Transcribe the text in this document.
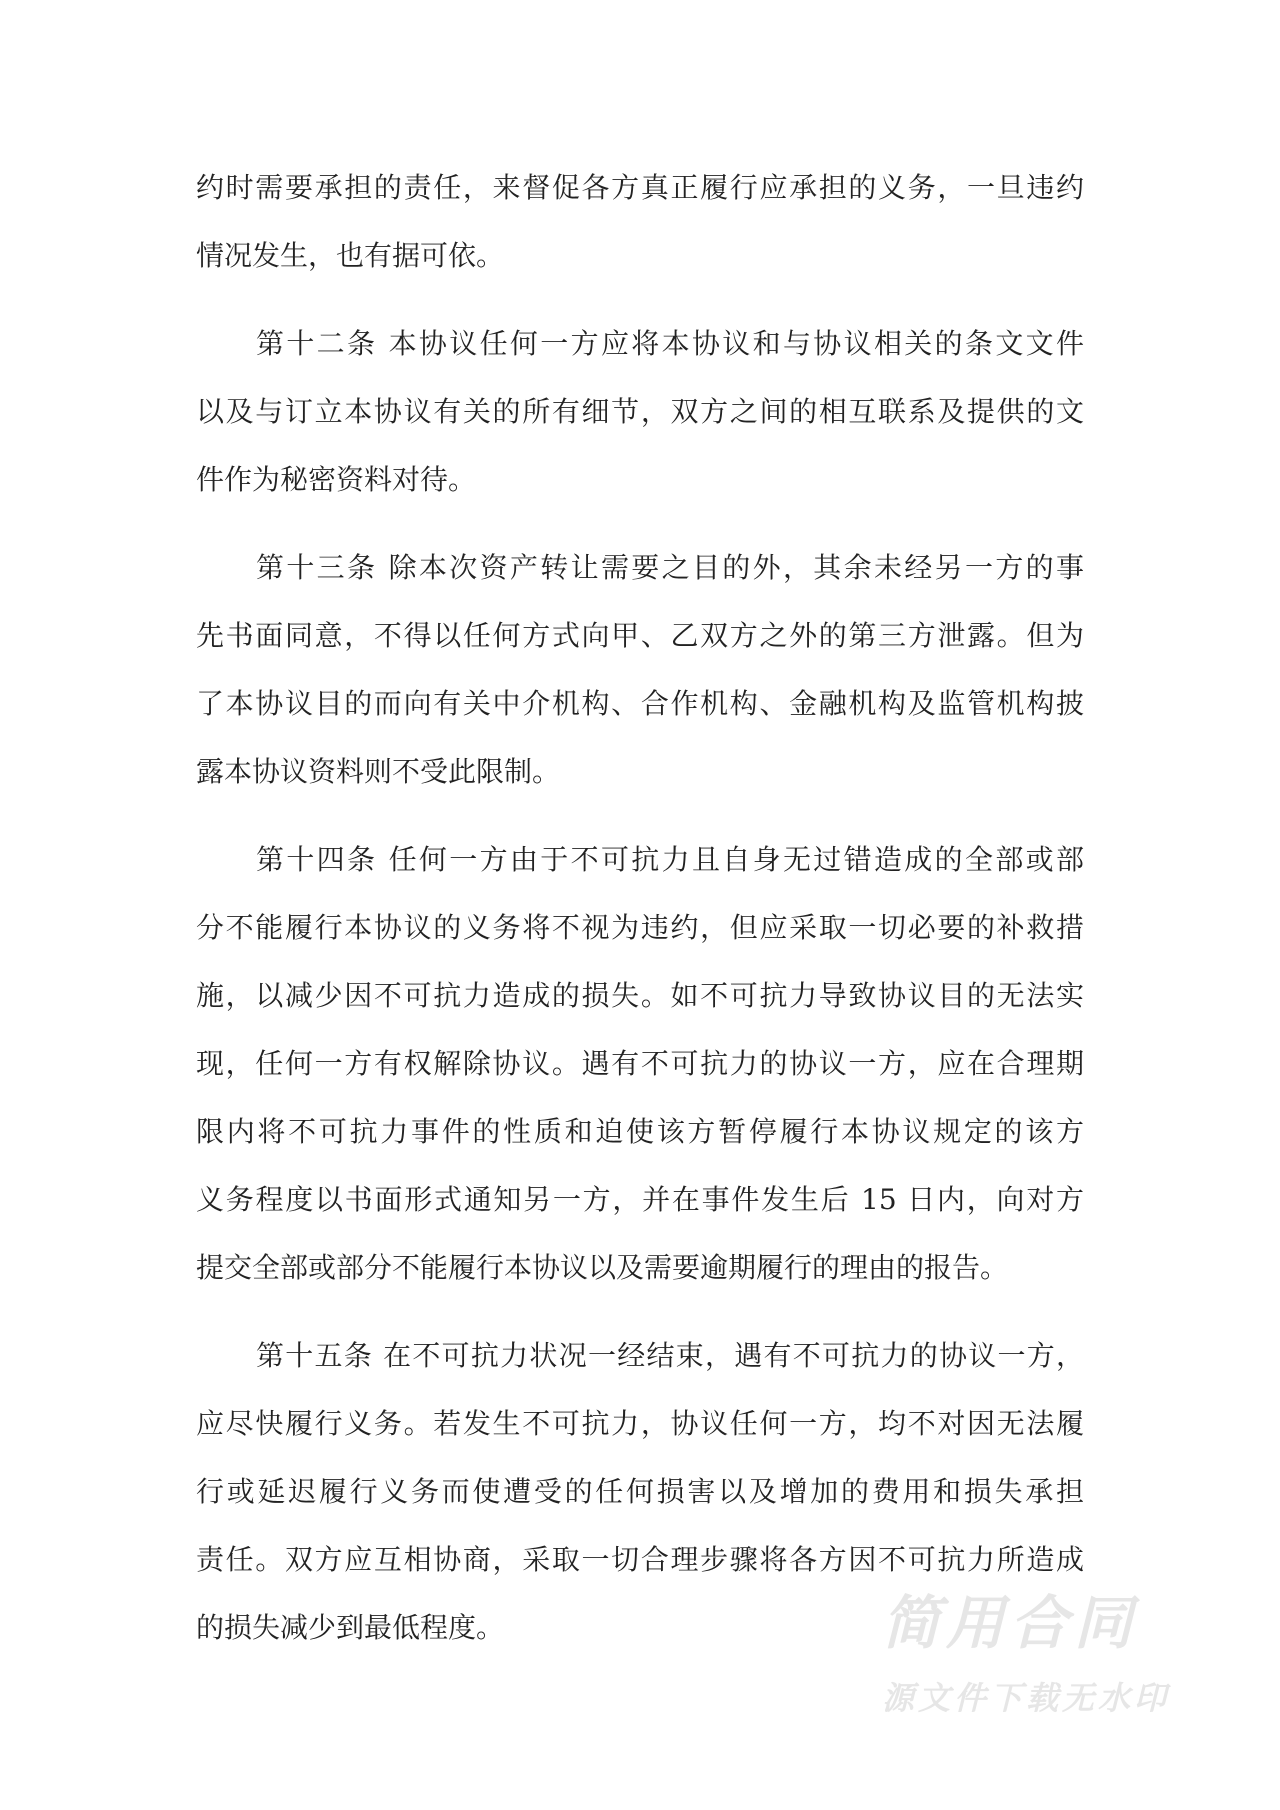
约时需要承担的责任，来督促各方真正履行应承担的义务，一旦违约
情况发生，也有据可依。
第十二条 本协议任何一方应将本协议和与协议相关的条文文件
以及与订立本协议有关的所有细节，双方之间的相互联系及提供的文
件作为秘密资料对待。
第十三条 除本次资产转让需要之目的外，其余未经另一方的事
先书面同意，不得以任何方式向甲、乙双方之外的第三方泄露。但为
了本协议目的而向有关中介机构、合作机构、金融机构及监管机构披
露本协议资料则不受此限制。
第十四条 任何一方由于不可抗力且自身无过错造成的全部或部
分不能履行本协议的义务将不视为违约，但应采取一切必要的补救措
施，以减少因不可抗力造成的损失。如不可抗力导致协议目的无法实
现，任何一方有权解除协议。遇有不可抗力的协议一方，应在合理期
限内将不可抗力事件的性质和迫使该方暂停履行本协议规定的该方
义务程度以书面形式通知另一方，并在事件发生后 15 日内，向对方
提交全部或部分不能履行本协议以及需要逾期履行的理由的报告。
第十五条 在不可抗力状况一经结束，遇有不可抗力的协议一方，
应尽快履行义务。若发生不可抗力，协议任何一方，均不对因无法履
行或延迟履行义务而使遭受的任何损害以及增加的费用和损失承担
责任。双方应互相协商，采取一切合理步骤将各方因不可抗力所造成
的损失减少到最低程度。	简用合同
源文件下载无水印
